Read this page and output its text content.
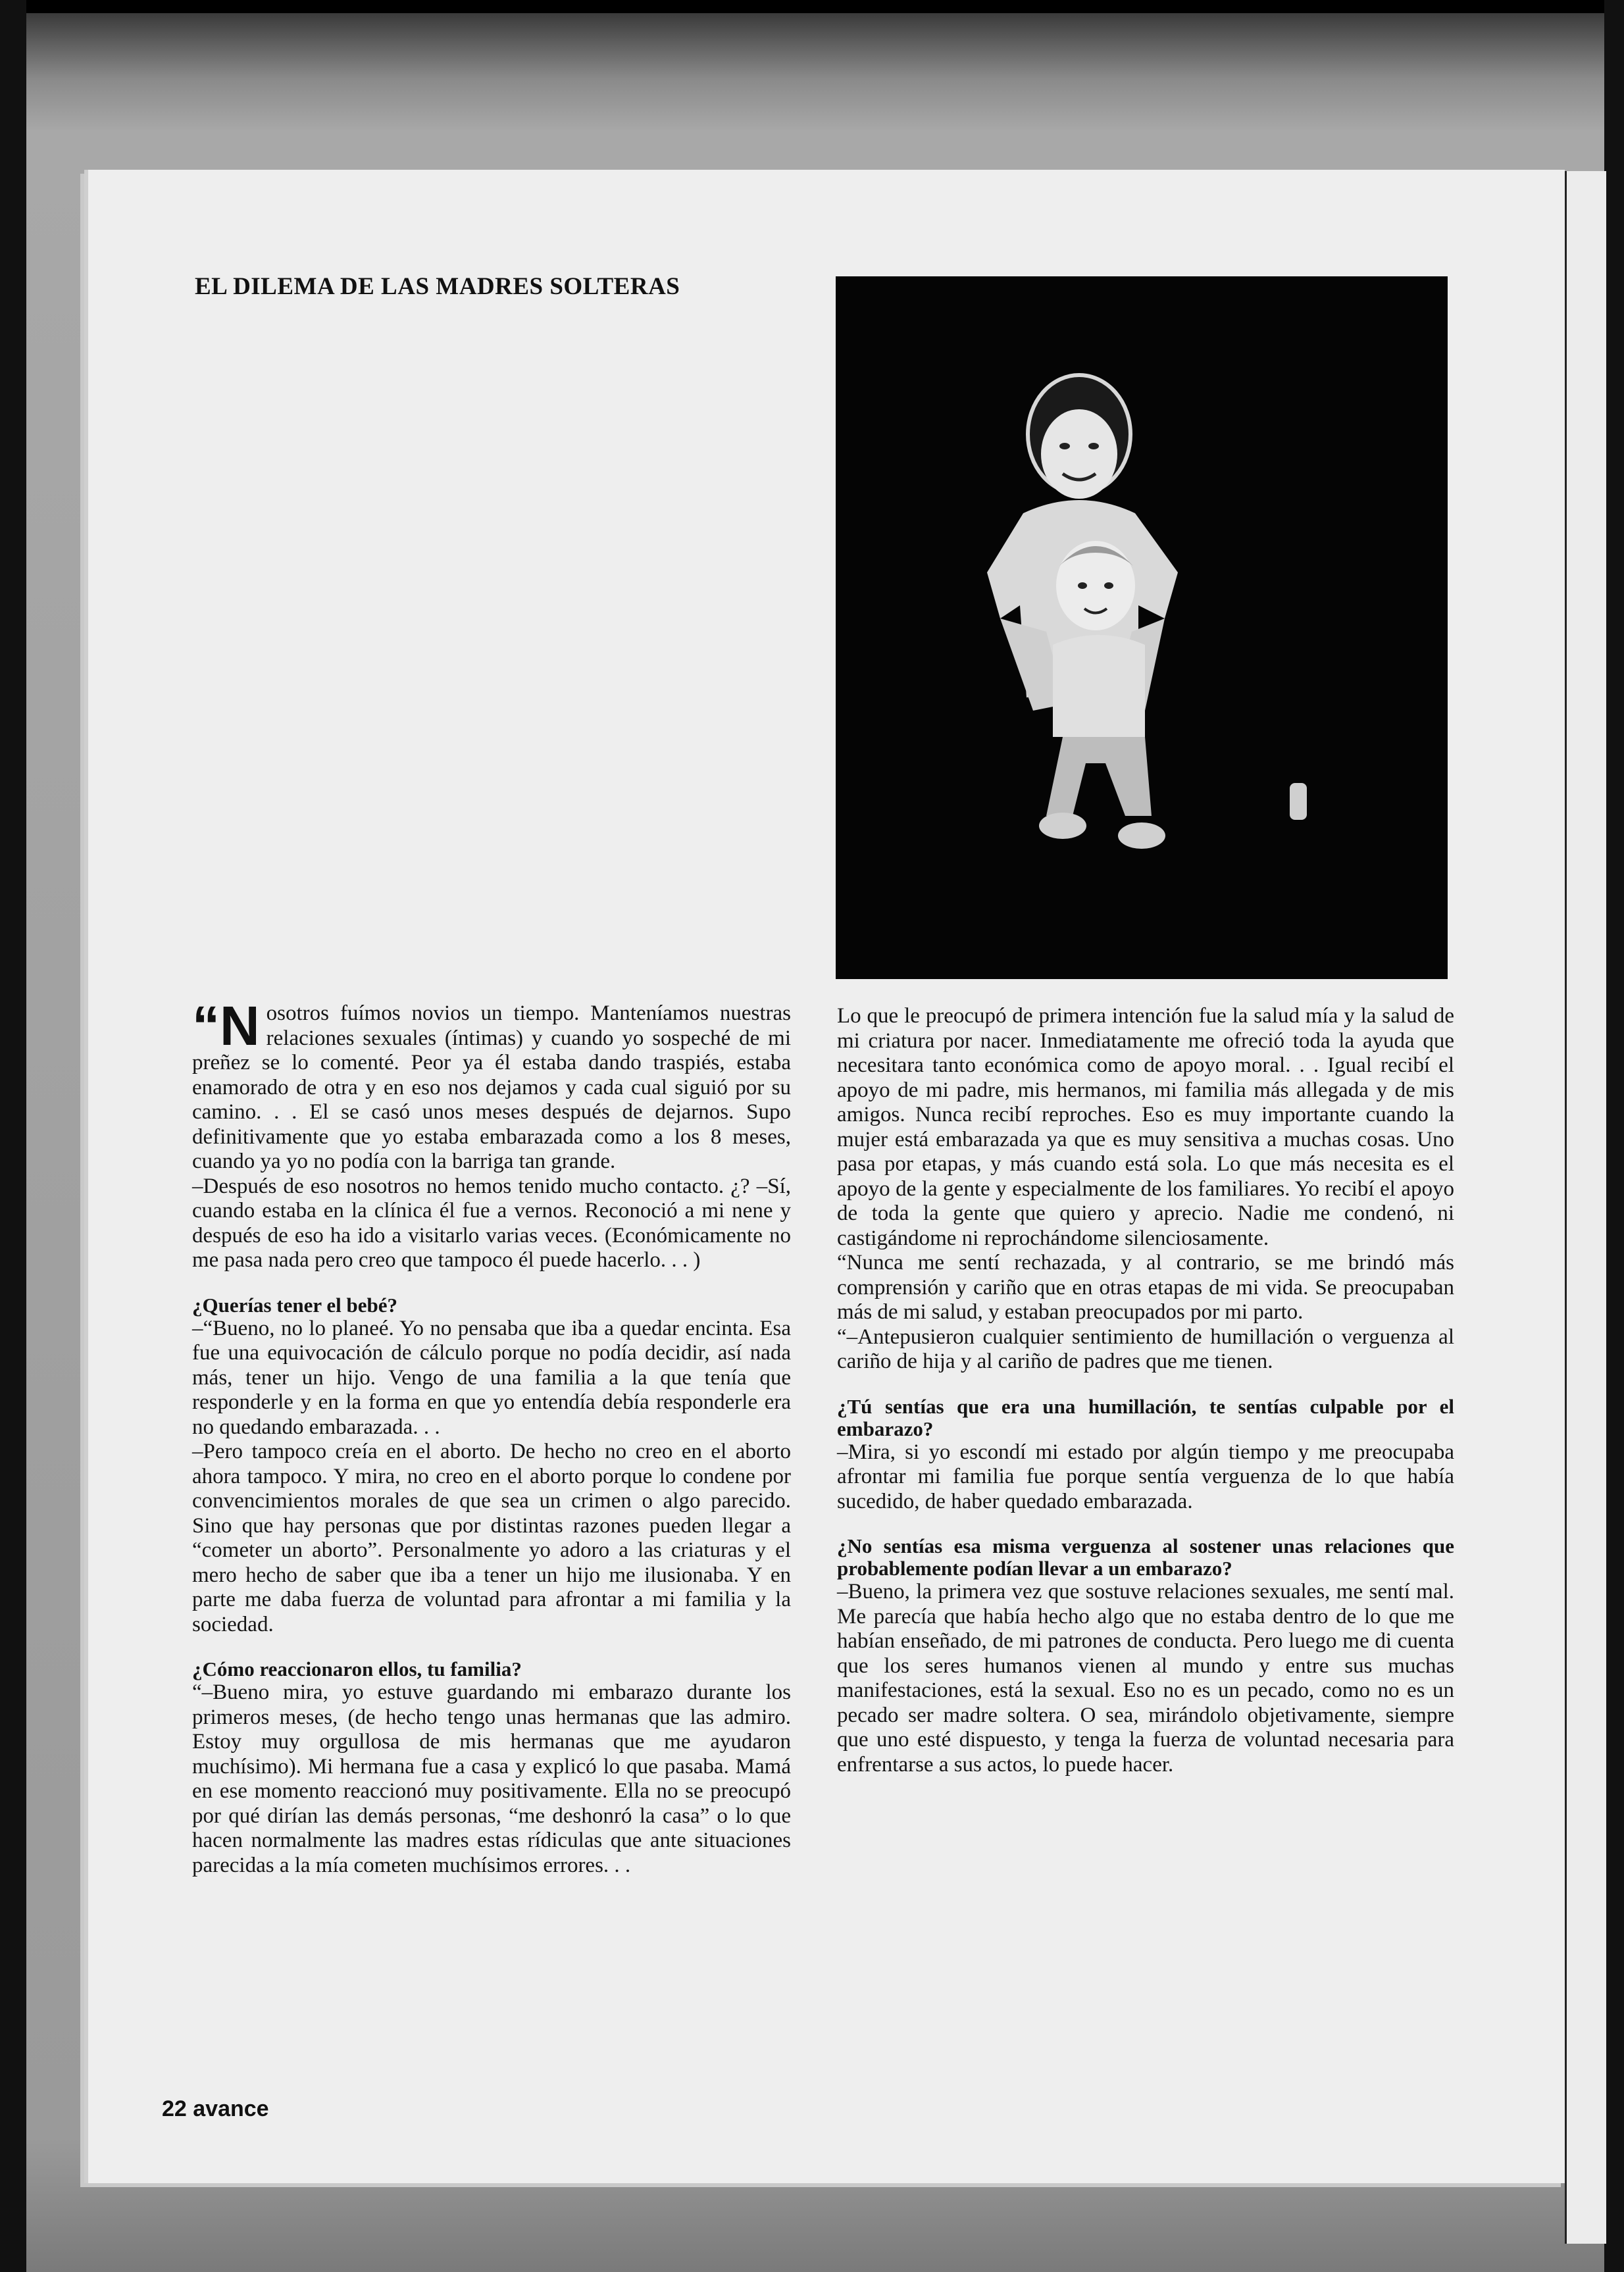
EL DILEMA DE LAS MADRES SOLTERAS

“Nosotros fuímos novios un tiempo. Manteníamos nuestras relaciones sexuales (íntimas) y cuando yo sospeché de mi preñez se lo comenté. Peor ya él estaba dando traspiés, estaba enamorado de otra y en eso nos dejamos y cada cual siguió por su camino. . . El se casó unos meses después de dejarnos. Supo definitivamente que yo estaba embarazada como a los 8 meses, cuando ya yo no podía con la barriga tan grande.

–Después de eso nosotros no hemos tenido mucho contacto. ¿? –Sí, cuando estaba en la clínica él fue a vernos. Reconoció a mi nene y después de eso ha ido a visitarlo varias veces. (Económicamente no me pasa nada pero creo que tampoco él puede hacerlo. . . )

¿Querías tener el bebé?

–“Bueno, no lo planeé. Yo no pensaba que iba a quedar encinta. Esa fue una equivocación de cálculo porque no podía decidir, así nada más, tener un hijo. Vengo de una familia a la que tenía que responderle y en la forma en que yo entendía debía responderle era no quedando embarazada. . .

–Pero tampoco creía en el aborto. De hecho no creo en el aborto ahora tampoco. Y mira, no creo en el aborto porque lo condene por convencimientos morales de que sea un crimen o algo parecido. Sino que hay personas que por distintas razones pueden llegar a “cometer un aborto”. Personalmente yo adoro a las criaturas y el mero hecho de saber que iba a tener un hijo me ilusionaba. Y en parte me daba fuerza de voluntad para afrontar a mi familia y la sociedad.

¿Cómo reaccionaron ellos, tu familia?

“–Bueno mira, yo estuve guardando mi embarazo durante los primeros meses, (de hecho tengo unas hermanas que las admiro. Estoy muy orgullosa de mis hermanas que me ayudaron muchísimo). Mi hermana fue a casa y explicó lo que pasaba. Mamá en ese momento reaccionó muy positivamente. Ella no se preocupó por qué dirían las demás personas, “me deshonró la casa” o lo que hacen normalmente las madres estas rídiculas que ante situaciones parecidas a la mía cometen muchísimos errores. . .

Lo que le preocupó de primera intención fue la salud mía y la salud de mi criatura por nacer. Inmediatamente me ofreció toda la ayuda que necesitara tanto económica como de apoyo moral. . . Igual recibí el apoyo de mi padre, mis hermanos, mi familia más allegada y de mis amigos. Nunca recibí reproches. Eso es muy importante cuando la mujer está embarazada ya que es muy sensitiva a muchas cosas. Uno pasa por etapas, y más cuando está sola. Lo que más necesita es el apoyo de la gente y especialmente de los familiares. Yo recibí el apoyo de toda la gente que quiero y aprecio. Nadie me condenó, ni castigándome ni reprochándome silenciosamente.

“Nunca me sentí rechazada, y al contrario, se me brindó más comprensión y cariño que en otras etapas de mi vida. Se preocupaban más de mi salud, y estaban preocupados por mi parto.

“–Antepusieron cualquier sentimiento de humillación o verguenza al cariño de hija y al cariño de padres que me tienen.

¿Tú sentías que era una humillación, te sentías culpable por el embarazo?

–Mira, si yo escondí mi estado por algún tiempo y me preocupaba afrontar mi familia fue porque sentía verguenza de lo que había sucedido, de haber quedado embarazada.

¿No sentías esa misma verguenza al sostener unas relaciones que probablemente podían llevar a un embarazo?

–Bueno, la primera vez que sostuve relaciones sexuales, me sentí mal. Me parecía que había hecho algo que no estaba dentro de lo que me habían enseñado, de mi patrones de conducta. Pero luego me di cuenta que los seres humanos vienen al mundo y entre sus muchas manifestaciones, está la sexual. Eso no es un pecado, como no es un pecado ser madre soltera. O sea, mirándolo objetivamente, siempre que uno esté dispuesto, y tenga la fuerza de voluntad necesaria para enfrentarse a sus actos, lo puede hacer.

22 avance
